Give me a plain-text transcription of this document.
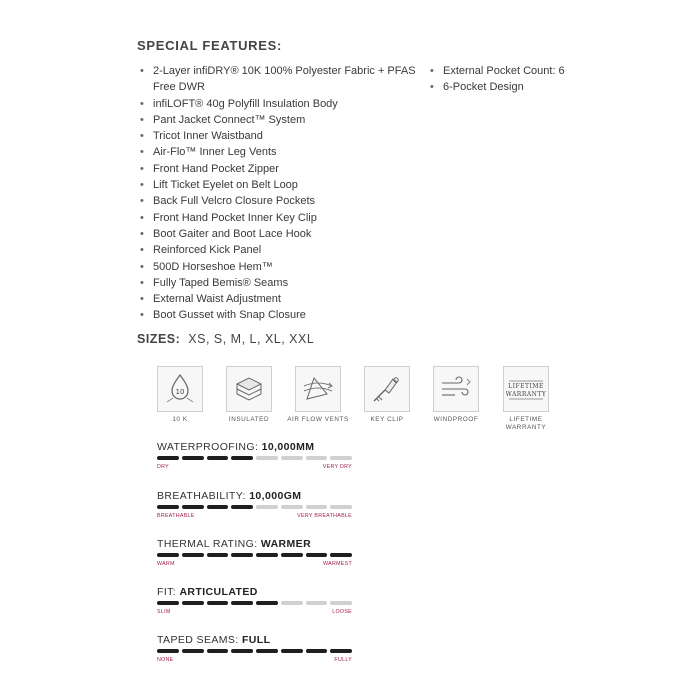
SPECIAL FEATURES:
• 2-Layer infiDRY® 10K 100% Polyester Fabric + PFAS Free DWR
• infiLOFT® 40g Polyfill Insulation Body
• Pant Jacket Connect™ System
• Tricot Inner Waistband
• Air-Flo™ Inner Leg Vents
• Front Hand Pocket Zipper
• Lift Ticket Eyelet on Belt Loop
• Back Full Velcro Closure Pockets
• Front Hand Pocket Inner Key Clip
• Boot Gaiter and Boot Lace Hook
• Reinforced Kick Panel
• 500D Horseshoe Hem™
• Fully Taped Bemis® Seams
• External Waist Adjustment
• Boot Gusset with Snap Closure
• External Pocket Count: 6
• 6-Pocket Design
SIZES: XS, S, M, L, XL, XXL
10
10 K	INSULATED	AIR FLOW VENTS	KEY CLIP	WINDPROOF
LIFETIME
WARRANTY
LIFETIME WARRANTY
WATERPROOFING: 10,000MM
DRY	VERY DRY
BREATHABILITY: 10,000GM
BREATHABLE	VERY BREATHABLE
THERMAL RATING: WARMER
WARM	WARMEST
FIT: ARTICULATED
SLIM	LOOSE
TAPED SEAMS: FULL
NONE	FULLY
